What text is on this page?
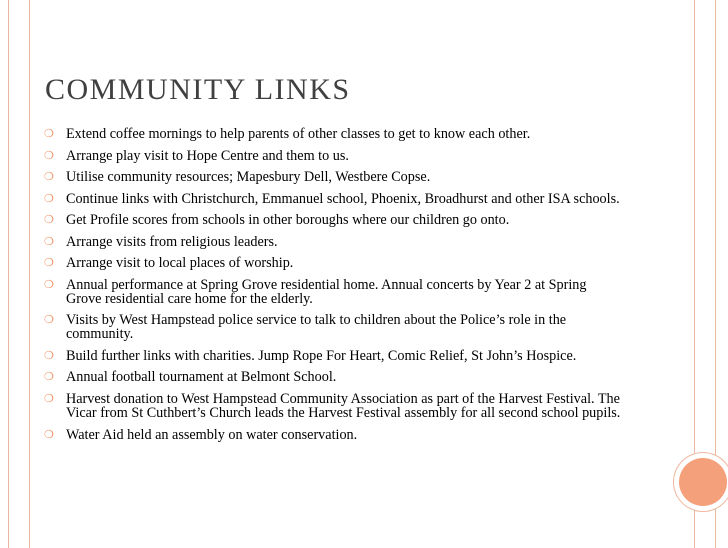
COMMUNITY LINKS
❍ Extend coffee mornings to help parents of other classes to get to know each other.
❍ Arrange play visit to Hope Centre and them to us.
❍ Utilise community resources; Mapesbury Dell, Westbere Copse.
❍ Continue links with Christchurch, Emmanuel school, Phoenix, Broadhurst and other ISA schools.
❍ Get Profile scores from schools in other boroughs where our children go onto.
❍ Arrange visits from religious leaders.
❍ Arrange visit to local places of worship.
❍ Annual performance at Spring Grove residential home. Annual concerts by Year 2 at Spring Grove residential care home for the elderly.
❍ Visits by West Hampstead police service to talk to children about the Police’s role in the community.
❍ Build further links with charities. Jump Rope For Heart, Comic Relief, St John’s Hospice.
❍ Annual football tournament at Belmont School.
❍ Harvest donation to West Hampstead Community Association as part of the Harvest Festival. The Vicar from St Cuthbert’s Church leads the Harvest Festival assembly for all second school pupils.
❍ Water Aid held an assembly on water conservation.
